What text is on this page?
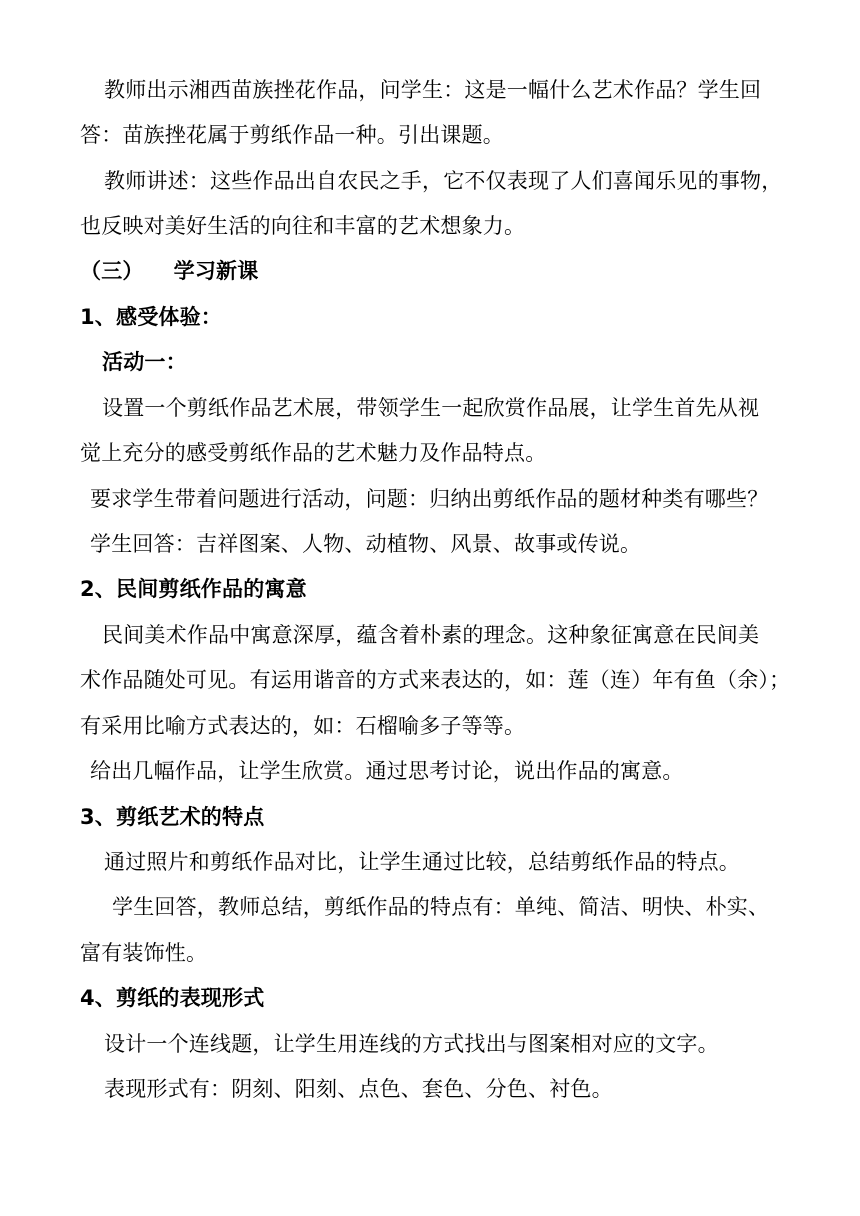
教师出示湘西苗族挫花作品，问学生：这是一幅什么艺术作品？学生回
答：苗族挫花属于剪纸作品一种。引出课题。
教师讲述：这些作品出自农民之手，它不仅表现了人们喜闻乐见的事物，
也反映对美好生活的向往和丰富的艺术想象力。
（三）    学习新课
1、感受体验：
活动一：
设置一个剪纸作品艺术展，带领学生一起欣赏作品展，让学生首先从视
觉上充分的感受剪纸作品的艺术魅力及作品特点。
要求学生带着问题进行活动，问题：归纳出剪纸作品的题材种类有哪些？
学生回答：吉祥图案、人物、动植物、风景、故事或传说。
2、民间剪纸作品的寓意
民间美术作品中寓意深厚，蕴含着朴素的理念。这种象征寓意在民间美
术作品随处可见。有运用谐音的方式来表达的，如：莲（连）年有鱼（余）；
有采用比喻方式表达的，如：石榴喻多子等等。
给出几幅作品，让学生欣赏。通过思考讨论，说出作品的寓意。
3、剪纸艺术的特点
通过照片和剪纸作品对比，让学生通过比较，总结剪纸作品的特点。
学生回答，教师总结，剪纸作品的特点有：单纯、简洁、明快、朴实、
富有装饰性。
4、剪纸的表现形式
设计一个连线题，让学生用连线的方式找出与图案相对应的文字。
表现形式有：阴刻、阳刻、点色、套色、分色、衬色。
